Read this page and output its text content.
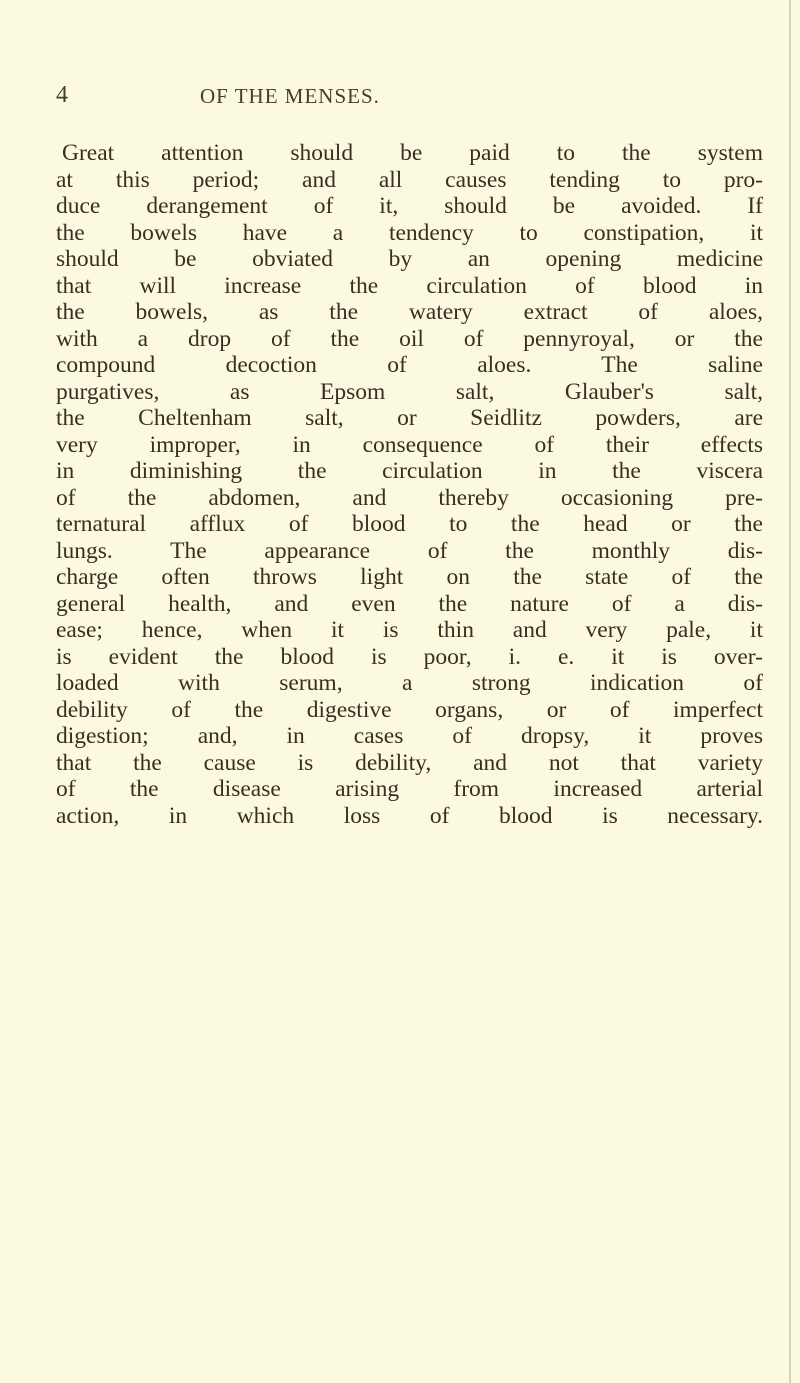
4	OF THE MENSES.
Great attention should be paid to the system
at this period; and all causes tending to pro-
duce derangement of it, should be avoided. If
the bowels have a tendency to constipation, it
should be obviated by an opening medicine
that will increase the circulation of blood in
the bowels, as the watery extract of aloes,
with a drop of the oil of pennyroyal, or the
compound decoction of aloes. The saline
purgatives, as Epsom salt, Glauber's salt,
the Cheltenham salt, or Seidlitz powders, are
very improper, in consequence of their effects
in diminishing the circulation in the viscera
of the abdomen, and thereby occasioning pre-
ternatural afflux of blood to the head or the
lungs. The appearance of the monthly dis-
charge often throws light on the state of the
general health, and even the nature of a dis-
ease; hence, when it is thin and very pale, it
is evident the blood is poor, i. e. it is over-
loaded with serum, a strong indication of
debility of the digestive organs, or of imperfect
digestion; and, in cases of dropsy, it proves
that the cause is debility, and not that variety
of the disease arising from increased arterial
action, in which loss of blood is necessary.
